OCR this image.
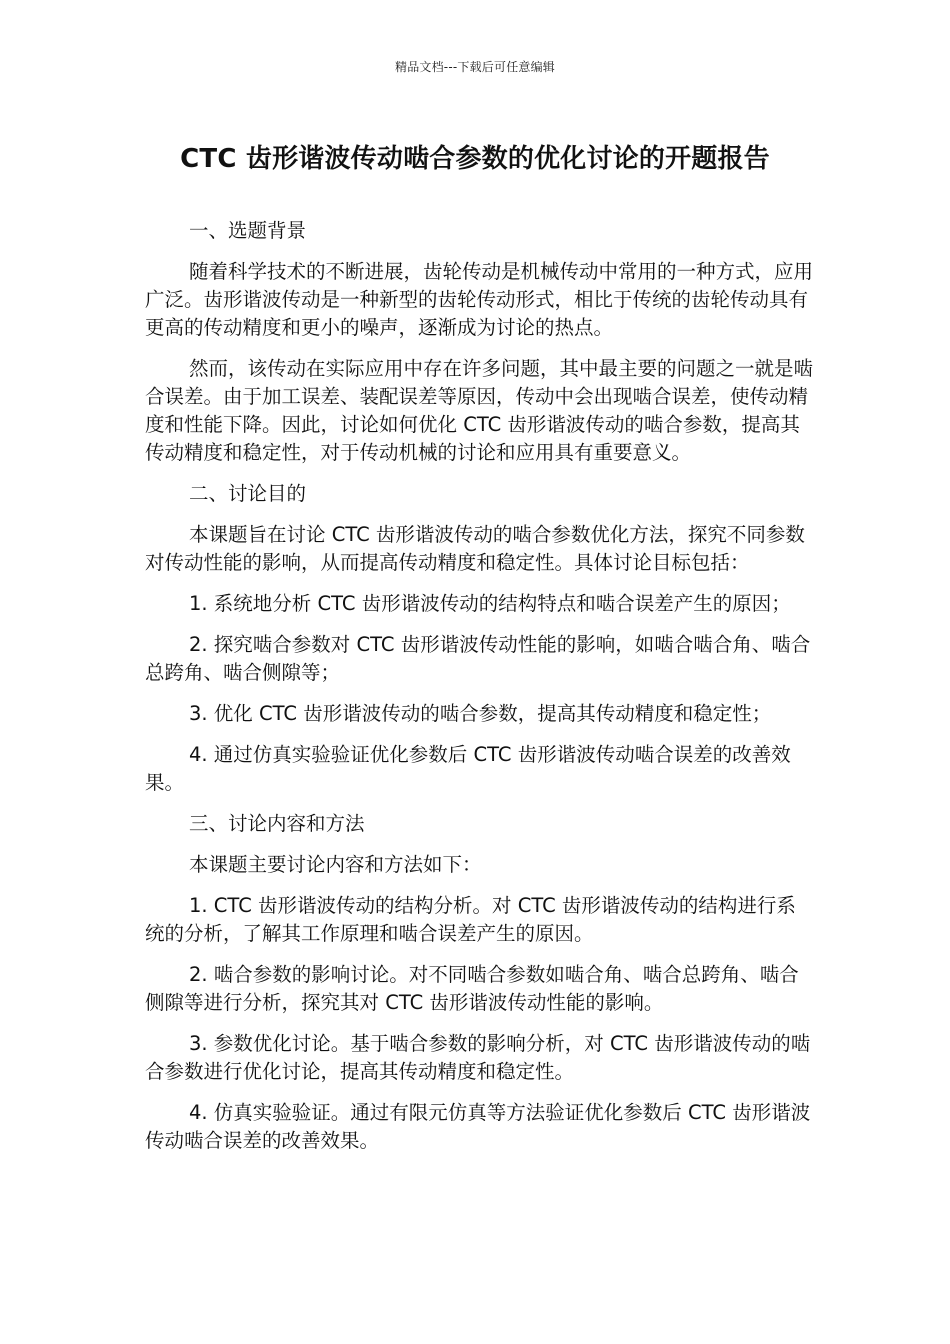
精品文档---下载后可任意编辑
CTC 齿形谐波传动啮合参数的优化讨论的开题报告

一、选题背景

随着科学技术的不断进展，齿轮传动是机械传动中常用的一种方式，应用广泛。齿形谐波传动是一种新型的齿轮传动形式，相比于传统的齿轮传动具有更高的传动精度和更小的噪声，逐渐成为讨论的热点。

然而，该传动在实际应用中存在许多问题，其中最主要的问题之一就是啮合误差。由于加工误差、装配误差等原因，传动中会出现啮合误差，使传动精度和性能下降。因此，讨论如何优化 CTC 齿形谐波传动的啮合参数，提高其传动精度和稳定性，对于传动机械的讨论和应用具有重要意义。

二、讨论目的

本课题旨在讨论 CTC 齿形谐波传动的啮合参数优化方法，探究不同参数对传动性能的影响，从而提高传动精度和稳定性。具体讨论目标包括：

1. 系统地分析 CTC 齿形谐波传动的结构特点和啮合误差产生的原因；

2. 探究啮合参数对 CTC 齿形谐波传动性能的影响，如啮合啮合角、啮合总跨角、啮合侧隙等；

3. 优化 CTC 齿形谐波传动的啮合参数，提高其传动精度和稳定性；

4. 通过仿真实验验证优化参数后 CTC 齿形谐波传动啮合误差的改善效果。

三、讨论内容和方法

本课题主要讨论内容和方法如下：

1. CTC 齿形谐波传动的结构分析。对 CTC 齿形谐波传动的结构进行系统的分析，了解其工作原理和啮合误差产生的原因。

2. 啮合参数的影响讨论。对不同啮合参数如啮合角、啮合总跨角、啮合侧隙等进行分析，探究其对 CTC 齿形谐波传动性能的影响。

3. 参数优化讨论。基于啮合参数的影响分析，对 CTC 齿形谐波传动的啮合参数进行优化讨论，提高其传动精度和稳定性。

4. 仿真实验验证。通过有限元仿真等方法验证优化参数后 CTC 齿形谐波传动啮合误差的改善效果。
